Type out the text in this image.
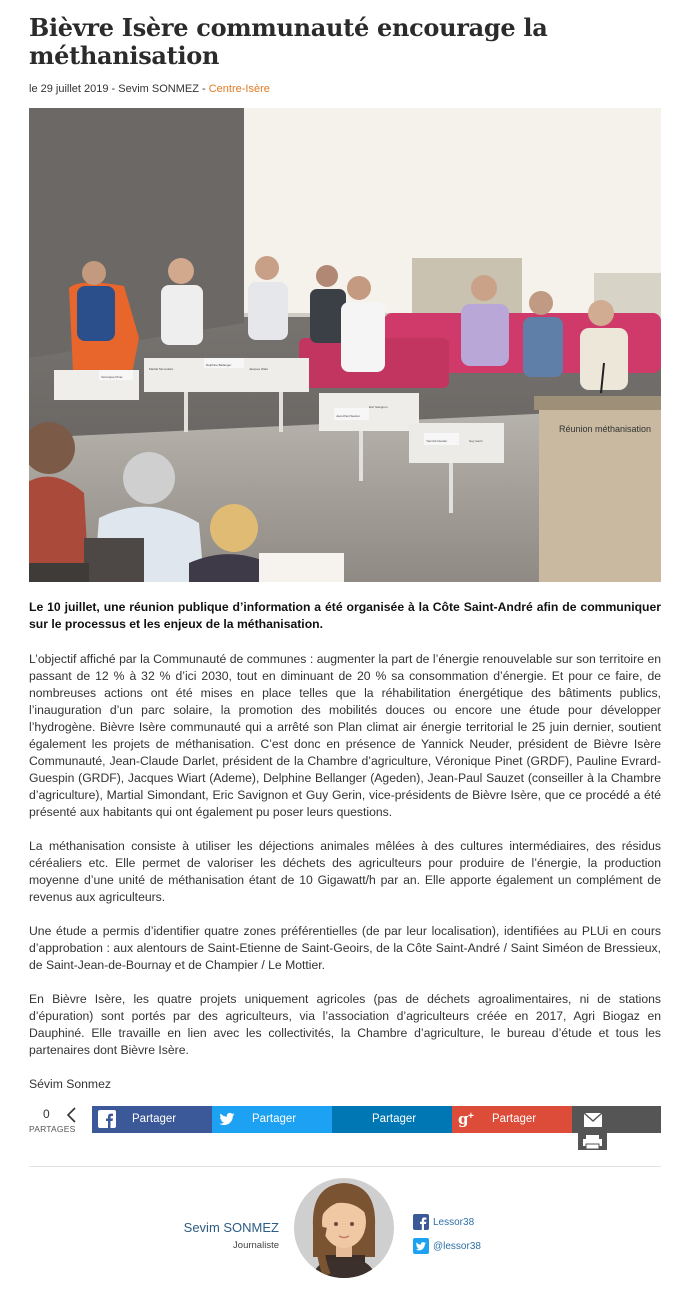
Bièvre Isère communauté encourage la méthanisation
le 29 juillet 2019 - Sevim SONMEZ - Centre-Isère
Réunion méthanisation
Véronique Pinet
Delphine Bellanger
Jean-Paul Sauzet
Yannick Neuder
Martial Simondant	Jacques Wiart
Eric Savignon
Guy Gerin

Le 10 juillet, une réunion publique d’information a été organisée à la Côte Saint-André afin de communiquer sur le processus et les enjeux de la méthanisation.

L’objectif affiché par la Communauté de communes : augmenter la part de l’énergie renouvelable sur son territoire en passant de 12 % à 32 % d’ici 2030, tout en diminuant de 20 % sa consommation d’énergie. Et pour ce faire, de nombreuses actions ont été mises en place telles que la réhabilitation énergétique des bâtiments publics, l’inauguration d’un parc solaire, la promotion des mobilités douces ou encore une étude pour développer l’hydrogène. Bièvre Isère communauté qui a arrêté son Plan climat air énergie territorial le 25 juin dernier, soutient également les projets de méthanisation. C’est donc en présence de Yannick Neuder, président de Bièvre Isère Communauté, Jean-Claude Darlet, président de la Chambre d’agriculture, Véronique Pinet (GRDF), Pauline Evrard-Guespin (GRDF), Jacques Wiart (Ademe), Delphine Bellanger (Ageden), Jean-Paul Sauzet (conseiller à la Chambre d’agriculture), Martial Simondant, Eric Savignon et Guy Gerin, vice-présidents de Bièvre Isère, que ce procédé a été présenté aux habitants qui ont également pu poser leurs questions.

La méthanisation consiste à utiliser les déjections animales mêlées à des cultures intermédiaires, des résidus céréaliers etc. Elle permet de valoriser les déchets des agriculteurs pour produire de l’énergie, la production moyenne d’une unité de méthanisation étant de 10 Gigawatt/h par an. Elle apporte également un complément de revenus aux agriculteurs.

Une étude a permis d’identifier quatre zones préférentielles (de par leur localisation), identifiées au PLUi en cours d’approbation : aux alentours de Saint-Etienne de Saint-Geoirs, de la Côte Saint-André / Saint Siméon de Bressieux, de Saint-Jean-de-Bournay et de Champier / Le Mottier.

En Bièvre Isère, les quatre projets uniquement agricoles (pas de déchets agroalimentaires, ni de stations d’épuration) sont portés par des agriculteurs, via l’association d’agriculteurs créée en 2017, Agri Biogaz en Dauphiné. Elle travaille en lien avec les collectivités, la Chambre d’agriculture, le bureau d’étude et tous les partenaires dont Bièvre Isère.

Sévim Sonmez

0
PARTAGES
Partager	Partager	Partager	g + Partager
Sevim SONMEZ
Journaliste
Lessor38
@lessor38
